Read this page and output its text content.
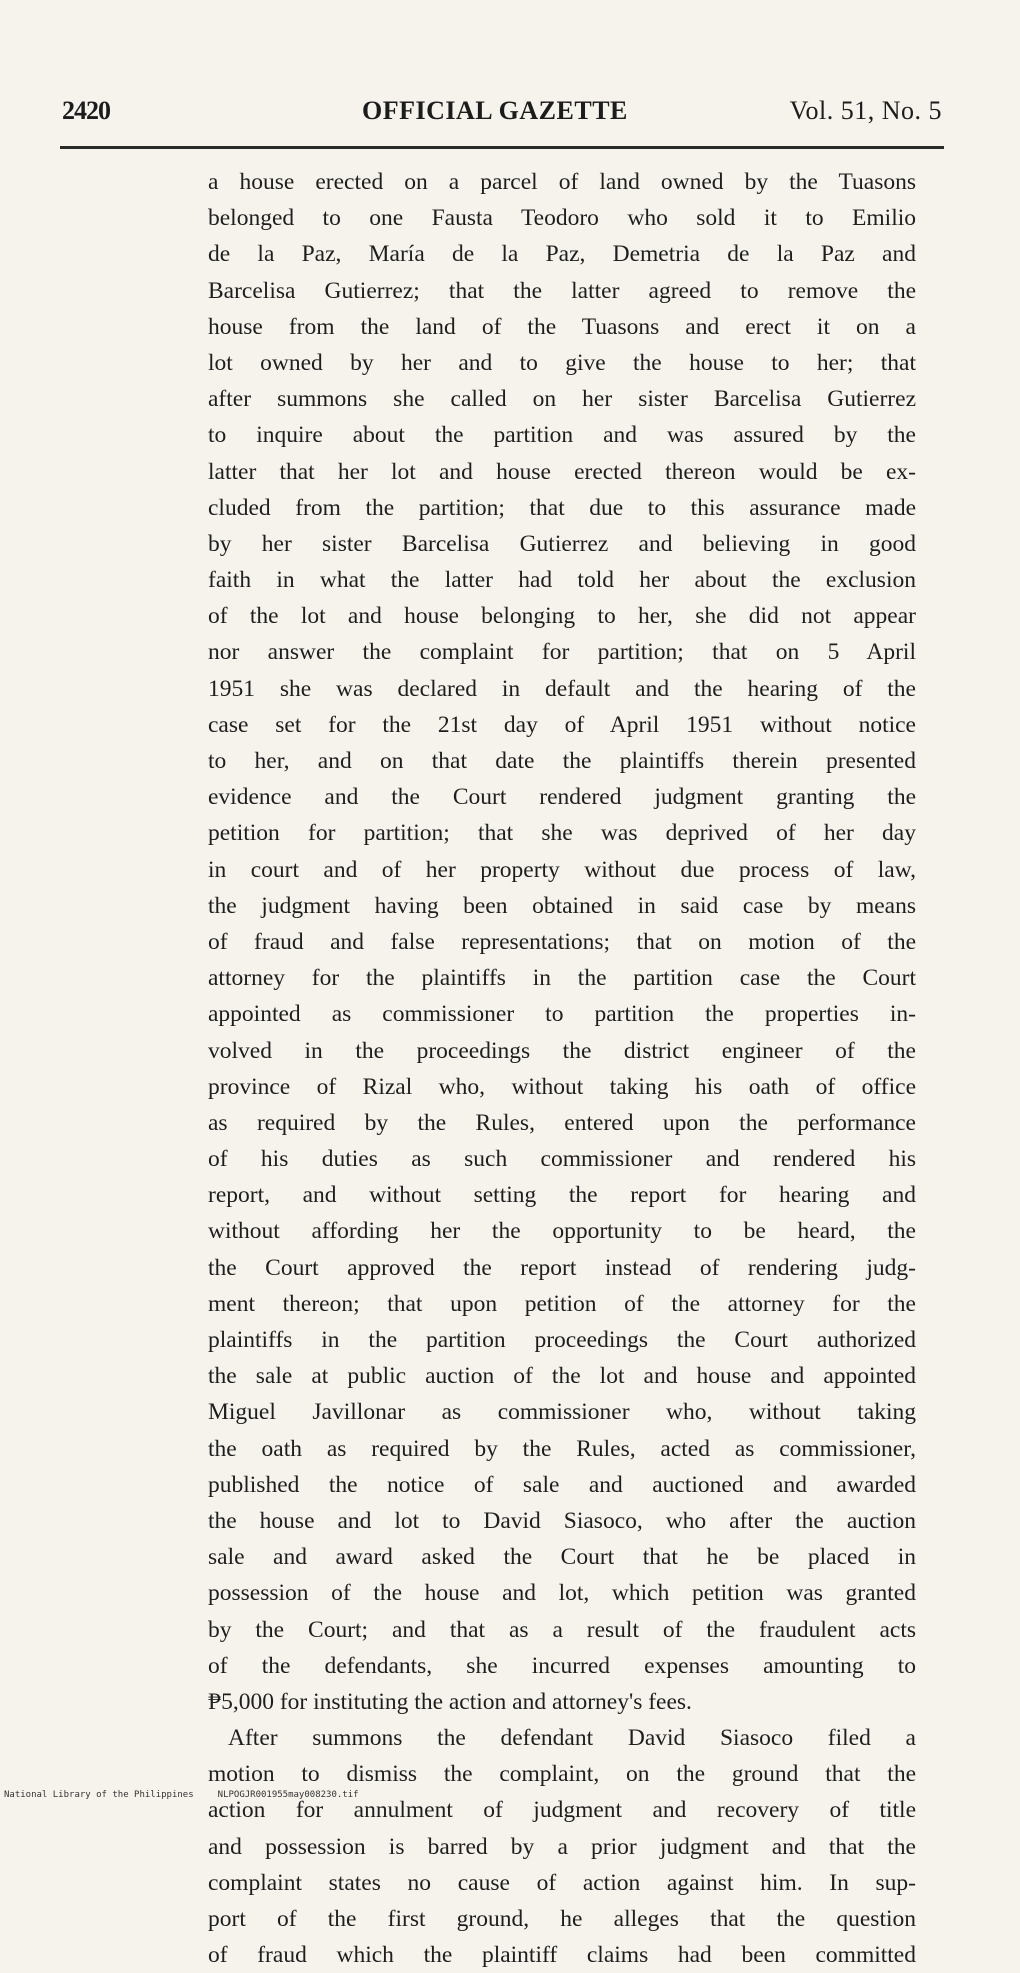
2420	OFFICIAL GAZETTE	Vol. 51, No. 5
a house erected on a parcel of land owned by the Tuasons
belonged to one Fausta Teodoro who sold it to Emilio
de la Paz, María de la Paz, Demetria de la Paz and
Barcelisa Gutierrez; that the latter agreed to remove the
house from the land of the Tuasons and erect it on a
lot owned by her and to give the house to her; that
after summons she called on her sister Barcelisa Gutierrez
to inquire about the partition and was assured by the
latter that her lot and house erected thereon would be ex-
cluded from the partition; that due to this assurance made
by her sister Barcelisa Gutierrez and believing in good
faith in what the latter had told her about the exclusion
of the lot and house belonging to her, she did not appear
nor answer the complaint for partition; that on 5 April
1951 she was declared in default and the hearing of the
case set for the 21st day of April 1951 without notice
to her, and on that date the plaintiffs therein presented
evidence and the Court rendered judgment granting the
petition for partition; that she was deprived of her day
in court and of her property without due process of law,
the judgment having been obtained in said case by means
of fraud and false representations; that on motion of the
attorney for the plaintiffs in the partition case the Court
appointed as commissioner to partition the properties in-
volved in the proceedings the district engineer of the
province of Rizal who, without taking his oath of office
as required by the Rules, entered upon the performance
of his duties as such commissioner and rendered his
report, and without setting the report for hearing and
without affording her the opportunity to be heard, the
the Court approved the report instead of rendering judg-
ment thereon; that upon petition of the attorney for the
plaintiffs in the partition proceedings the Court authorized
the sale at public auction of the lot and house and appointed
Miguel Javillonar as commissioner who, without taking
the oath as required by the Rules, acted as commissioner,
published the notice of sale and auctioned and awarded
the house and lot to David Siasoco, who after the auction
sale and award asked the Court that he be placed in
possession of the house and lot, which petition was granted
by the Court; and that as a result of the fraudulent acts
of the defendants, she incurred expenses amounting to
₱5,000 for instituting the action and attorney's fees.
After summons the defendant David Siasoco filed a
motion to dismiss the complaint, on the ground that the
action for annulment of judgment and recovery of title
and possession is barred by a prior judgment and that the
complaint states no cause of action against him. In sup-
port of the first ground, he alleges that the question
of fraud which the plaintiff claims had been committed
National Library of the Philippines	NLPOGJR001955may008230.tif
